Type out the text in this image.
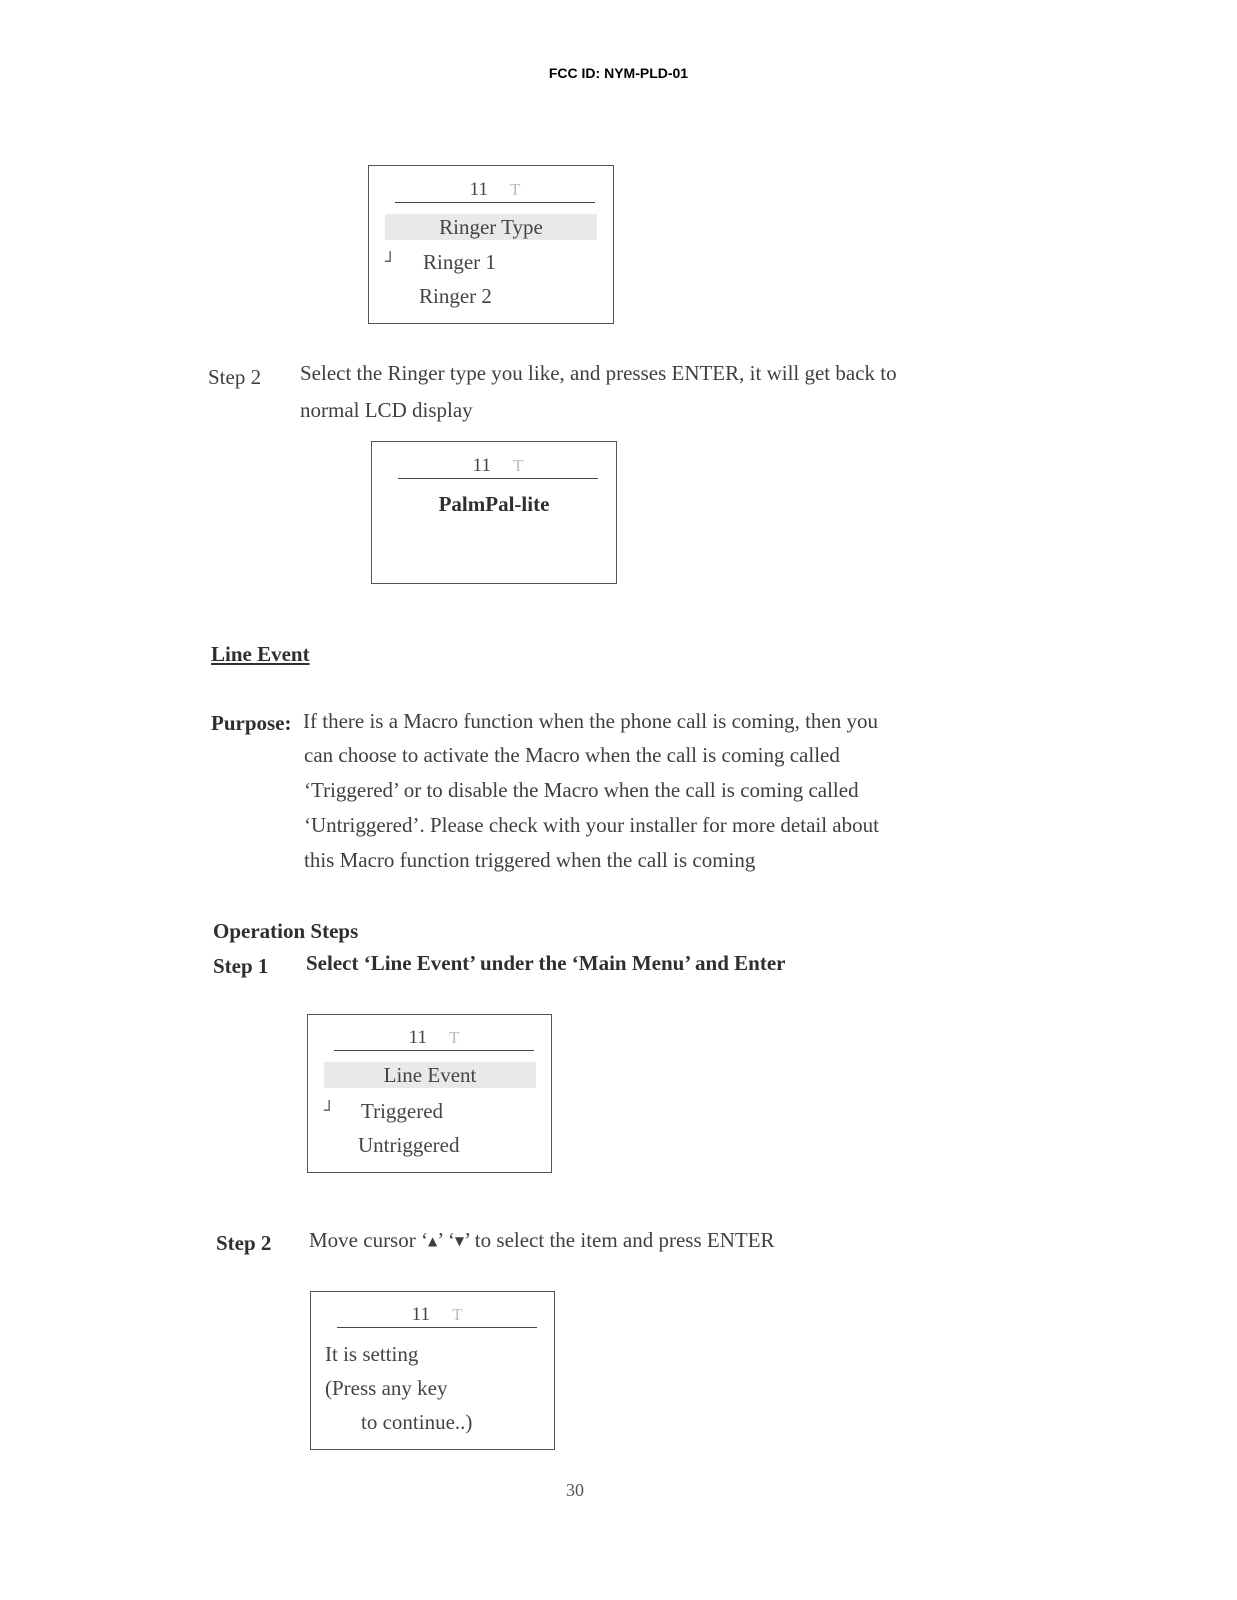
FCC ID: NYM-PLD-01
11 T
Ringer Type
┘ Ringer 1
Ringer 2
Step 2 Select the Ringer type you like, and presses ENTER, it will get back to
normal LCD display
11 T
PalmPal-lite
Line Event
Purpose: If there is a Macro function when the phone call is coming, then you
can choose to activate the Macro when the call is coming called
‘Triggered’ or to disable the Macro when the call is coming called
‘Untriggered’. Please check with your installer for more detail about
this Macro function triggered when the call is coming
Operation Steps
Step 1 Select ‘Line Event’ under the ‘Main Menu’ and Enter
11 T
Line Event
┘ Triggered
Untriggered
Step 2 Move cursor ‘▲’ ‘▼’ to select the item and press ENTER
11 T
It is setting
(Press any key
to continue..)
30
